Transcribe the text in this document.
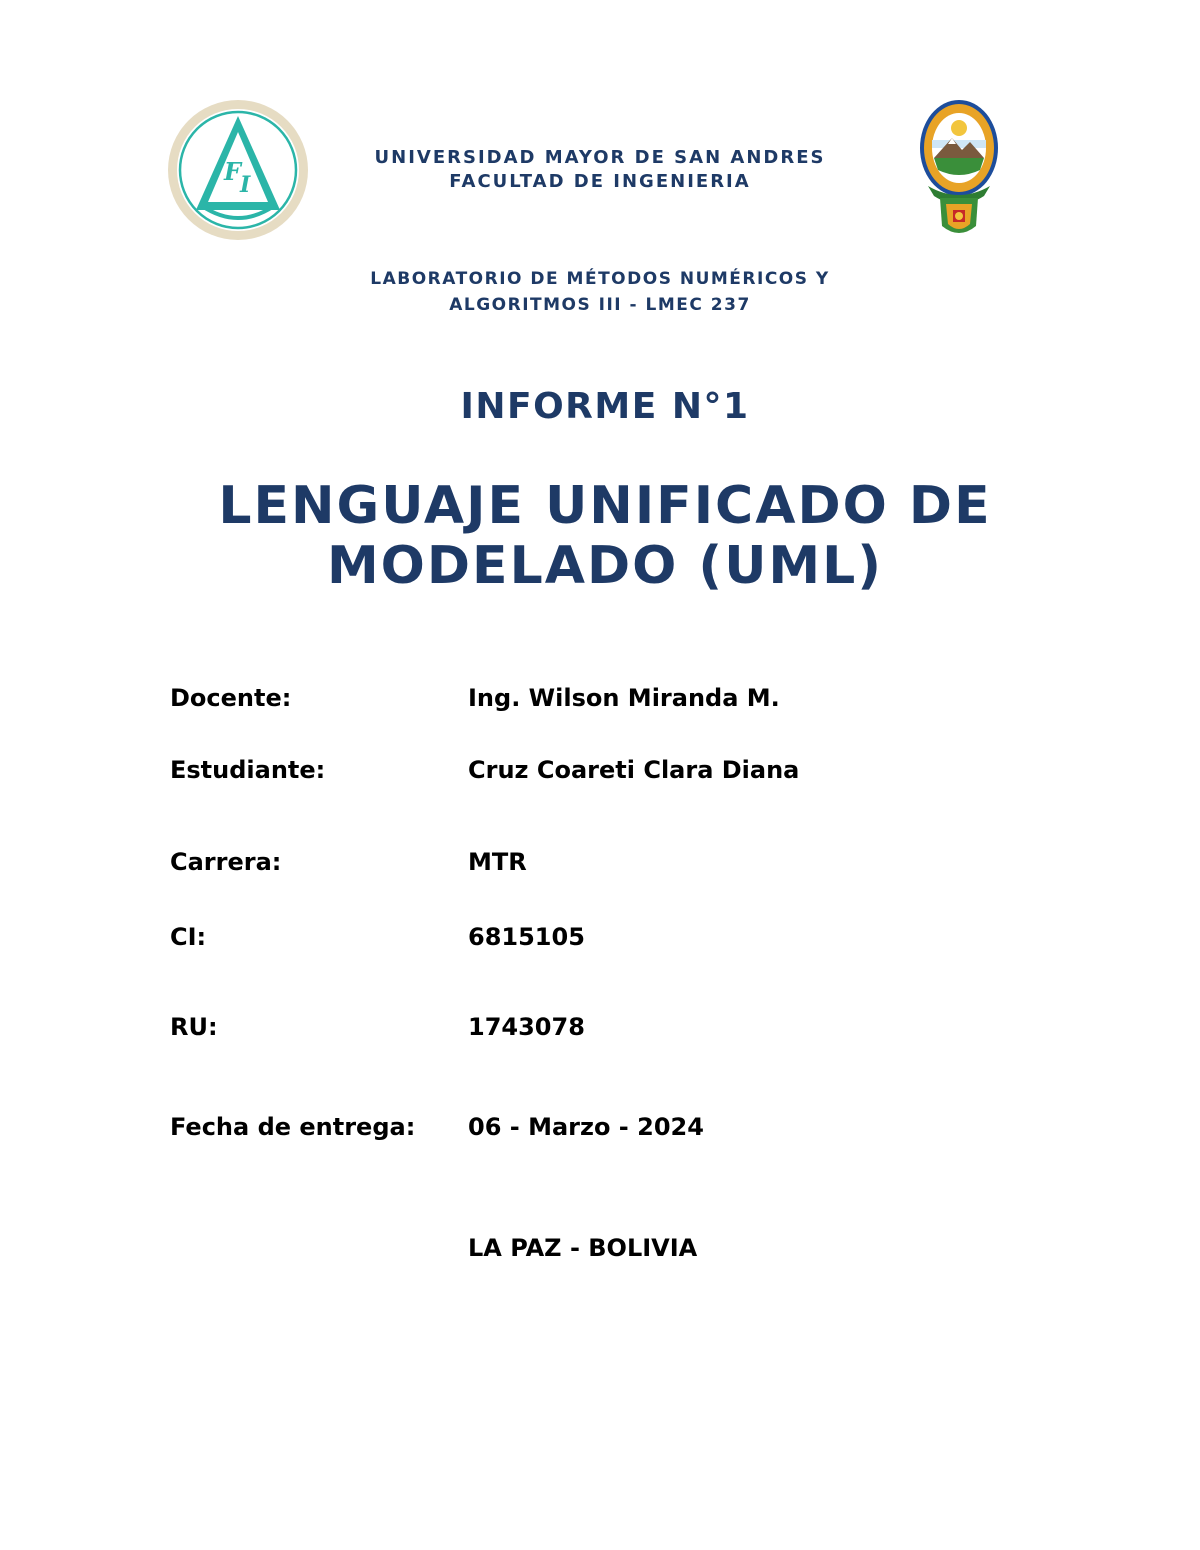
F
I
UNIVERSIDAD MAYOR DE SAN ANDRES
FACULTAD DE INGENIERIA
LABORATORIO DE MÉTODOS NUMÉRICOS Y
ALGORITMOS III - LMEC 237
INFORME N°1
LENGUAJE UNIFICADO DE
MODELADO (UML)
Docente:	Ing. Wilson Miranda M.
Estudiante:	Cruz Coareti Clara Diana
Carrera:	MTR
CI:	6815105
RU:	1743078
Fecha de entrega:	06 - Marzo - 2024
LA PAZ - BOLIVIA
